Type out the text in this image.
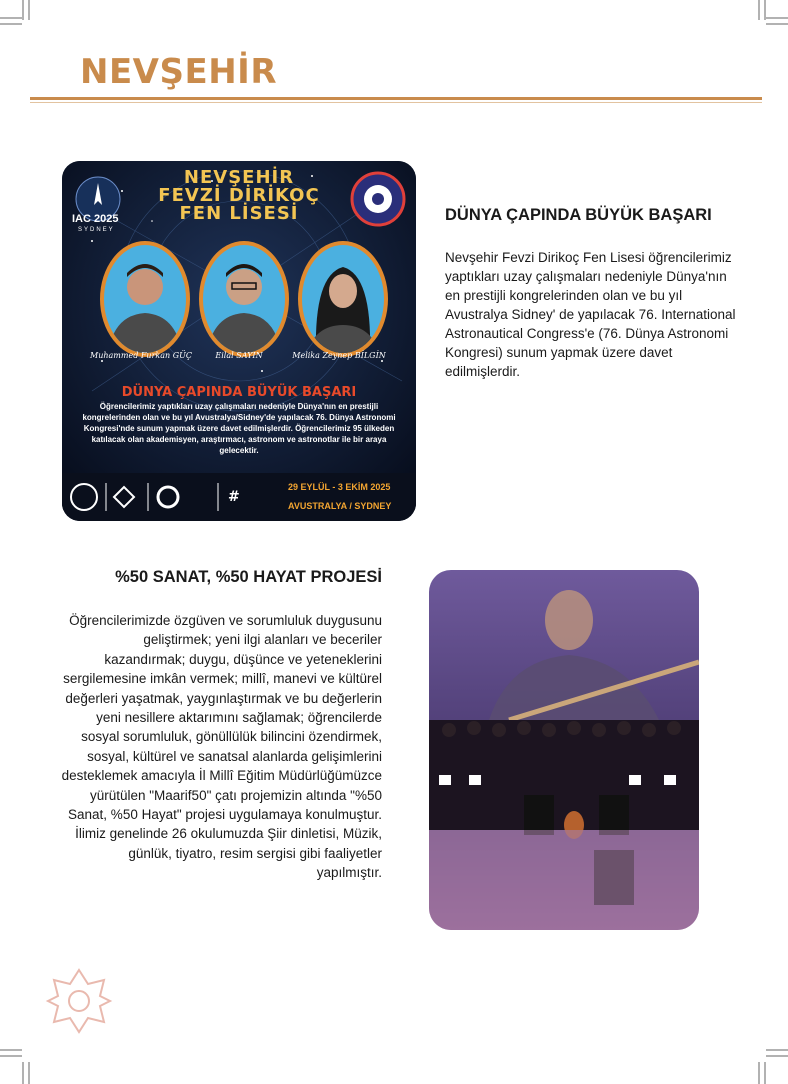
NEVŞEHİR
NEVŞEHİR
FEVZİ DİRİKOÇ
FEN LİSESİ
IAC 2025
SYDNEY
Muhammed Furkan GÜÇ	Eilal SAYIN	Melika Zeynep BİLGİN
DÜNYA ÇAPINDA BÜYÜK BAŞARI
Öğrencilerimiz yaptıkları uzay çalışmaları nedeniyle Dünya'nın en prestijli kongrelerinden olan ve bu yıl Avustralya/Sidney'de yapılacak 76. Dünya Astronomi Kongresi'nde sunum yapmak üzere davet edilmişlerdir. Öğrencilerimiz 95 ülkeden katılacak olan akademisyen, araştırmacı, astronom ve astronotlar ile bir araya gelecektir.
#
29 EYLÜL - 3 EKİM 2025
AVUSTRALYA / SYDNEY
DÜNYA ÇAPINDA BÜYÜK BAŞARI
Nevşehir Fevzi Dirikoç Fen Lisesi öğrencilerimiz yaptıkları uzay çalışmaları nedeniyle Dünya'nın en prestijli kongrelerinden olan ve bu yıl Avustralya Sidney' de yapılacak 76. International Astronautical Congress'e (76. Dünya Astronomi Kongresi) sunum yapmak üzere davet edilmişlerdir.
%50 SANAT, %50 HAYAT PROJESİ
Öğrencilerimizde özgüven ve sorumluluk duygusunu geliştirmek; yeni ilgi alanları ve beceriler kazandırmak; duygu, düşünce ve yeteneklerini sergilemesine imkân vermek; millî, manevi ve kültürel değerleri yaşatmak, yaygınlaştırmak ve bu değerlerin yeni nesillere aktarımını sağlamak; öğrencilerde sosyal sorumluluk, gönüllülük bilincini özendirmek, sosyal, kültürel ve sanatsal alanlarda gelişimlerini desteklemek amacıyla İl Millî Eğitim Müdürlüğümüzce yürütülen "Maarif50" çatı projemizin altında "%50 Sanat, %50 Hayat" projesi uygulamaya konulmuştur.
İlimiz genelinde 26 okulumuzda Şiir dinletisi, Müzik, günlük, tiyatro, resim sergisi gibi faaliyetler yapılmıştır.
